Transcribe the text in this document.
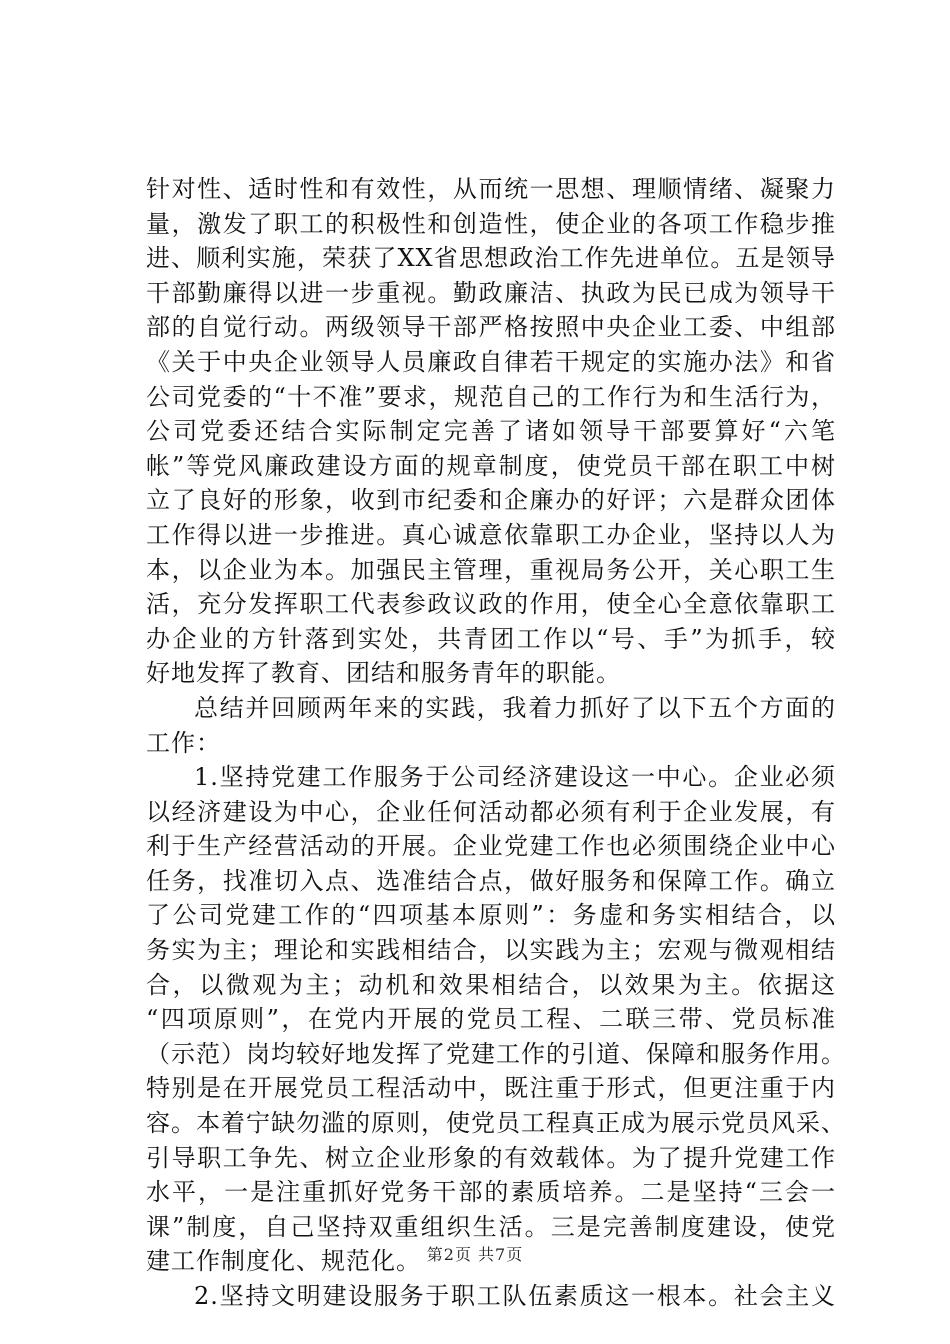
针对性、适时性和有效性，从而统一思想、理顺情绪、凝聚力
量，激发了职工的积极性和创造性，使企业的各项工作稳步推
进、顺利实施，荣获了XX省思想政治工作先进单位。五是领导
干部勤廉得以进一步重视。勤政廉洁、执政为民已成为领导干
部的自觉行动。两级领导干部严格按照中央企业工委、中组部
《关于中央企业领导人员廉政自律若干规定的实施办法》和省
公司党委的“十不准”要求，规范自己的工作行为和生活行为，
公司党委还结合实际制定完善了诸如领导干部要算好“六笔
帐”等党风廉政建设方面的规章制度，使党员干部在职工中树
立了良好的形象，收到市纪委和企廉办的好评；六是群众团体
工作得以进一步推进。真心诚意依靠职工办企业，坚持以人为
本，以企业为本。加强民主管理，重视局务公开，关心职工生
活，充分发挥职工代表参政议政的作用，使全心全意依靠职工
办企业的方针落到实处，共青团工作以“号、手”为抓手，较
好地发挥了教育、团结和服务青年的职能。
总结并回顾两年来的实践，我着力抓好了以下五个方面的
工作：
1.坚持党建工作服务于公司经济建设这一中心。企业必须
以经济建设为中心，企业任何活动都必须有利于企业发展，有
利于生产经营活动的开展。企业党建工作也必须围绕企业中心
任务，找准切入点、选准结合点，做好服务和保障工作。确立
了公司党建工作的“四项基本原则”：务虚和务实相结合，以
务实为主；理论和实践相结合，以实践为主；宏观与微观相结
合，以微观为主；动机和效果相结合，以效果为主。依据这
“四项原则”，在党内开展的党员工程、二联三带、党员标准
（示范）岗均较好地发挥了党建工作的引道、保障和服务作用。
特别是在开展党员工程活动中，既注重于形式，但更注重于内
容。本着宁缺勿滥的原则，使党员工程真正成为展示党员风采、
引导职工争先、树立企业形象的有效载体。为了提升党建工作
水平，一是注重抓好党务干部的素质培养。二是坚持“三会一
课”制度，自己坚持双重组织生活。三是完善制度建设，使党
建工作制度化、规范化。
2.坚持文明建设服务于职工队伍素质这一根本。社会主义
第2页 共7页
